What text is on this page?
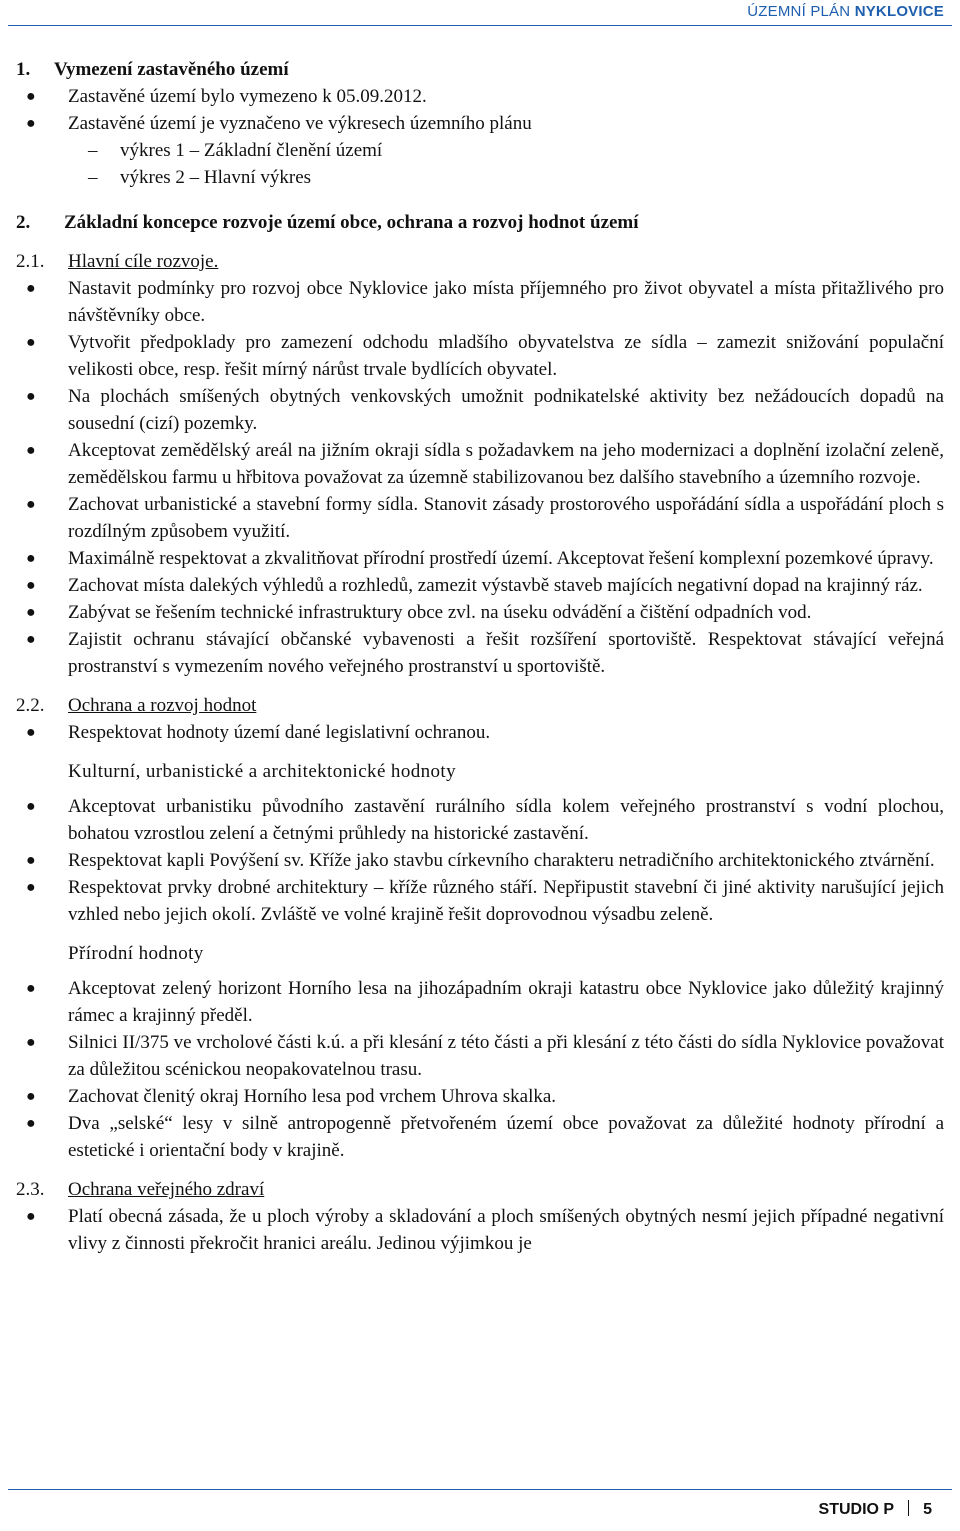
ÚZEMNÍ PLÁN NYKLOVICE
1. Vymezení zastavěného území
● Zastavěné území bylo vymezeno k 05.09.2012.
● Zastavěné území je vyznačeno ve výkresech územního plánu
– výkres 1 – Základní členění území
– výkres 2 – Hlavní výkres
2. Základní koncepce rozvoje území obce, ochrana a rozvoj hodnot území
2.1. Hlavní cíle rozvoje.
● Nastavit podmínky pro rozvoj obce Nyklovice jako místa příjemného pro život obyvatel a místa přitažlivého pro návštěvníky obce.
● Vytvořit předpoklady pro zamezení odchodu mladšího obyvatelstva ze sídla – zamezit snižování populační velikosti obce, resp. řešit mírný nárůst trvale bydlících obyvatel.
● Na plochách smíšených obytných venkovských umožnit podnikatelské aktivity bez nežádoucích dopadů na sousední (cizí) pozemky.
● Akceptovat zemědělský areál na jižním okraji sídla s požadavkem na jeho modernizaci a doplnění izolační zeleně, zemědělskou farmu u hřbitova považovat za územně stabilizovanou bez dalšího stavebního a územního rozvoje.
● Zachovat urbanistické a stavební formy sídla. Stanovit zásady prostorového uspořádání sídla a uspořádání ploch s rozdílným způsobem využití.
● Maximálně respektovat a zkvalitňovat přírodní prostředí území. Akceptovat řešení komplexní pozemkové úpravy.
● Zachovat místa dalekých výhledů a rozhledů, zamezit výstavbě staveb majících negativní dopad na krajinný ráz.
● Zabývat se řešením technické infrastruktury obce zvl. na úseku odvádění a čištění odpadních vod.
● Zajistit ochranu stávající občanské vybavenosti a řešit rozšíření sportoviště. Respektovat stávající veřejná prostranství s vymezením nového veřejného prostranství u sportoviště.
2.2. Ochrana a rozvoj hodnot
● Respektovat hodnoty území dané legislativní ochranou.
Kulturní, urbanistické a architektonické hodnoty
● Akceptovat urbanistiku původního zastavění rurálního sídla kolem veřejného prostranství s vodní plochou, bohatou vzrostlou zelení a četnými průhledy na historické zastavění.
● Respektovat kapli Povýšení sv. Kříže jako stavbu církevního charakteru netradičního architektonického ztvárnění.
● Respektovat prvky drobné architektury – kříže různého stáří. Nepřipustit stavební či jiné aktivity narušující jejich vzhled nebo jejich okolí. Zvláště ve volné krajině řešit doprovodnou výsadbu zeleně.
Přírodní hodnoty
● Akceptovat zelený horizont Horního lesa na jihozápadním okraji katastru obce Nyklovice jako důležitý krajinný rámec a krajinný předěl.
● Silnici II/375 ve vrcholové části k.ú. a při klesání z této části a při klesání z této části do sídla Nyklovice považovat za důležitou scénickou neopakovatelnou trasu.
● Zachovat členitý okraj Horního lesa pod vrchem Uhrova skalka.
● Dva „selské“ lesy v silně antropogenně přetvořeném území obce považovat za důležité hodnoty přírodní a estetické i orientační body v krajině.
2.3. Ochrana veřejného zdraví
● Platí obecná zásada, že u ploch výroby a skladování a ploch smíšených obytných nesmí jejich případné negativní vlivy z činnosti překročit hranici areálu. Jedinou výjimkou je
STUDIO P 5
